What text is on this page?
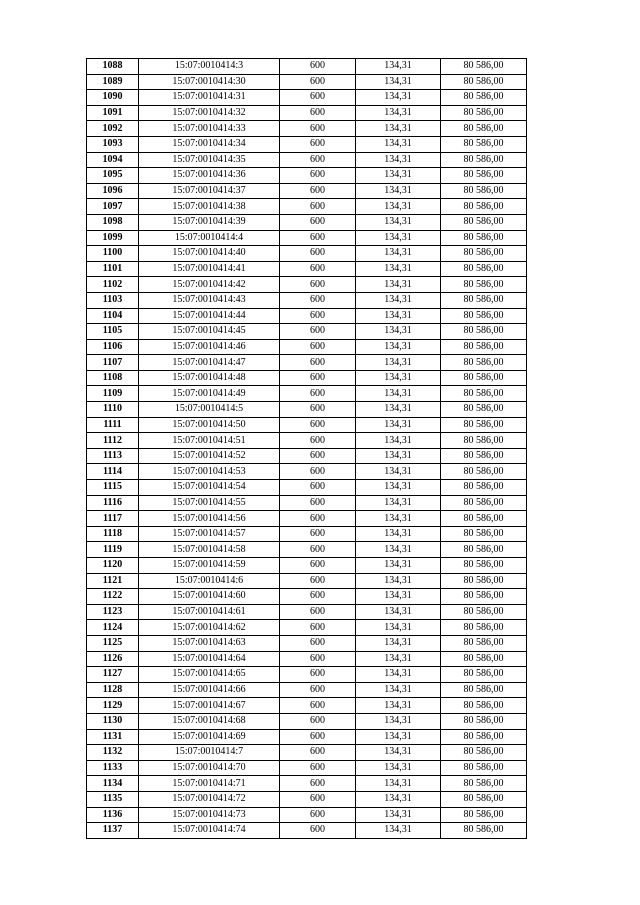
1088	15:07:0010414:3	600	134,31	80 586,00
1089	15:07:0010414:30	600	134,31	80 586,00
1090	15:07:0010414:31	600	134,31	80 586,00
1091	15:07:0010414:32	600	134,31	80 586,00
1092	15:07:0010414:33	600	134,31	80 586,00
1093	15:07:0010414:34	600	134,31	80 586,00
1094	15:07:0010414:35	600	134,31	80 586,00
1095	15:07:0010414:36	600	134,31	80 586,00
1096	15:07:0010414:37	600	134,31	80 586,00
1097	15:07:0010414:38	600	134,31	80 586,00
1098	15:07:0010414:39	600	134,31	80 586,00
1099	15:07:0010414:4	600	134,31	80 586,00
1100	15:07:0010414:40	600	134,31	80 586,00
1101	15:07:0010414:41	600	134,31	80 586,00
1102	15:07:0010414:42	600	134,31	80 586,00
1103	15:07:0010414:43	600	134,31	80 586,00
1104	15:07:0010414:44	600	134,31	80 586,00
1105	15:07:0010414:45	600	134,31	80 586,00
1106	15:07:0010414:46	600	134,31	80 586,00
1107	15:07:0010414:47	600	134,31	80 586,00
1108	15:07:0010414:48	600	134,31	80 586,00
1109	15:07:0010414:49	600	134,31	80 586,00
1110	15:07:0010414:5	600	134,31	80 586,00
1111	15:07:0010414:50	600	134,31	80 586,00
1112	15:07:0010414:51	600	134,31	80 586,00
1113	15:07:0010414:52	600	134,31	80 586,00
1114	15:07:0010414:53	600	134,31	80 586,00
1115	15:07:0010414:54	600	134,31	80 586,00
1116	15:07:0010414:55	600	134,31	80 586,00
1117	15:07:0010414:56	600	134,31	80 586,00
1118	15:07:0010414:57	600	134,31	80 586,00
1119	15:07:0010414:58	600	134,31	80 586,00
1120	15:07:0010414:59	600	134,31	80 586,00
1121	15:07:0010414:6	600	134,31	80 586,00
1122	15:07:0010414:60	600	134,31	80 586,00
1123	15:07:0010414:61	600	134,31	80 586,00
1124	15:07:0010414:62	600	134,31	80 586,00
1125	15:07:0010414:63	600	134,31	80 586,00
1126	15:07:0010414:64	600	134,31	80 586,00
1127	15:07:0010414:65	600	134,31	80 586,00
1128	15:07:0010414:66	600	134,31	80 586,00
1129	15:07:0010414:67	600	134,31	80 586,00
1130	15:07:0010414:68	600	134,31	80 586,00
1131	15:07:0010414:69	600	134,31	80 586,00
1132	15:07:0010414:7	600	134,31	80 586,00
1133	15:07:0010414:70	600	134,31	80 586,00
1134	15:07:0010414:71	600	134,31	80 586,00
1135	15:07:0010414:72	600	134,31	80 586,00
1136	15:07:0010414:73	600	134,31	80 586,00
1137	15:07:0010414:74	600	134,31	80 586,00
